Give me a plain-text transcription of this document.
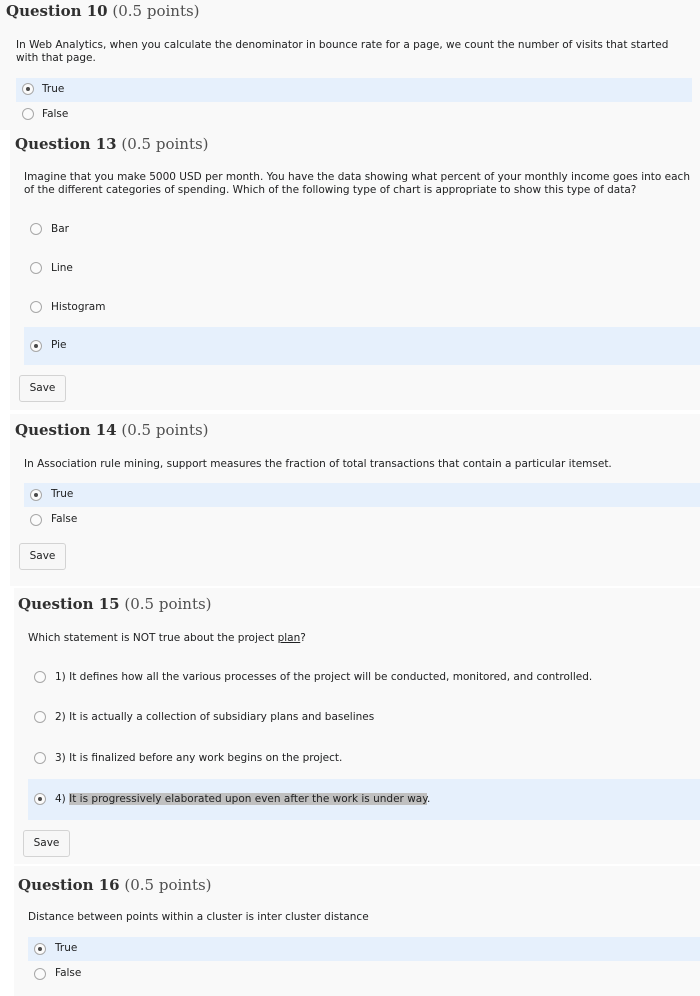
Question 10 (0.5 points)
In Web Analytics, when you calculate the denominator in bounce rate for a page, we count the number of visits that started with that page.
True
False
Question 13 (0.5 points)
Imagine that you make 5000 USD per month. You have the data showing what percent of your monthly income goes into each of the different categories of spending. Which of the following type of chart is appropriate to show this type of data?
Bar
Line
Histogram
Pie
Save
Question 14 (0.5 points)
In Association rule mining, support measures the fraction of total transactions that contain a particular itemset.
True
False
Save
Question 15 (0.5 points)
Which statement is NOT true about the project plan?
1) It defines how all the various processes of the project will be conducted, monitored, and controlled.
2) It is actually a collection of subsidiary plans and baselines
3) It is finalized before any work begins on the project.
4) It is progressively elaborated upon even after the work is under way.
Save
Question 16 (0.5 points)
Distance between points within a cluster is inter cluster distance
True
False
